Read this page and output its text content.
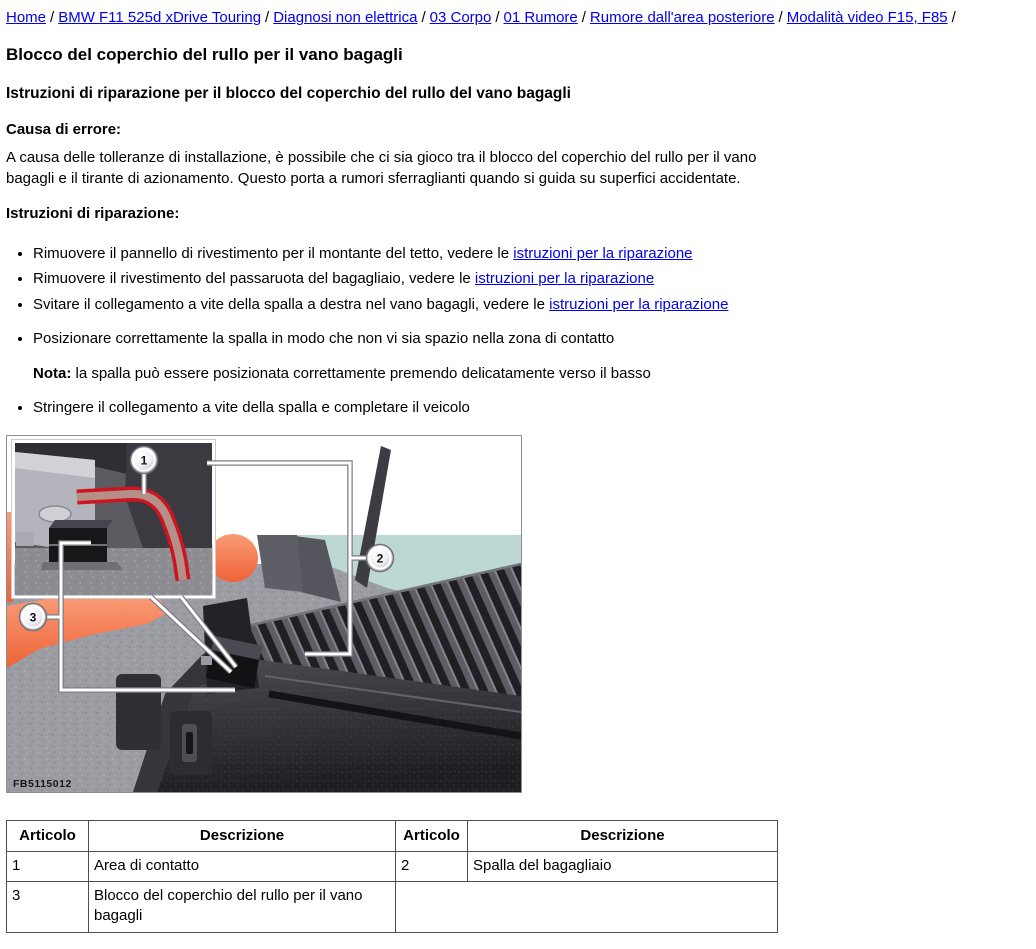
Home / BMW F11 525d xDrive Touring / Diagnosi non elettrica / 03 Corpo / 01 Rumore / Rumore dall'area posteriore / Modalità video F15, F85 /
Blocco del coperchio del rullo per il vano bagagli
Istruzioni di riparazione per il blocco del coperchio del rullo del vano bagagli
Causa di errore:

A causa delle tolleranze di installazione, è possibile che ci sia gioco tra il blocco del coperchio del rullo per il vano bagagli e il tirante di azionamento. Questo porta a rumori sferraglianti quando si guida su superfici accidentate.

Istruzioni di riparazione:
• Rimuovere il pannello di rivestimento per il montante del tetto, vedere le istruzioni per la riparazione
• Rimuovere il rivestimento del passaruota del bagagliaio, vedere le istruzioni per la riparazione
• Svitare il collegamento a vite della spalla a destra nel vano bagagli, vedere le istruzioni per la riparazione
• Posizionare correttamente la spalla in modo che non vi sia spazio nella zona di contatto
Nota: la spalla può essere posizionata correttamente premendo delicatamente verso il basso
• Stringere il collegamento a vite della spalla e completare il veicolo
1
2
3
FB5115012
Articolo	Descrizione	Articolo	Descrizione
1	Area di contatto	2	Spalla del bagagliaio
3	Blocco del coperchio del rullo per il vano bagagli		
